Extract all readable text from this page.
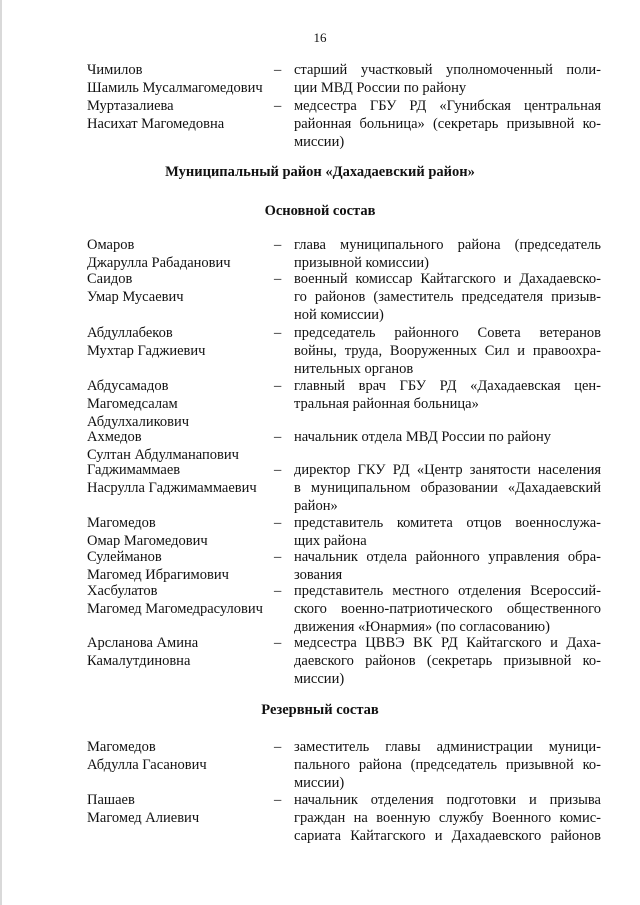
16
Чимилов
Шамиль Мусалмагомедович
– старший участковый уполномоченный поли-
ции МВД России по району
Муртазалиева
Насихат Магомедовна
– медсестра ГБУ РД «Гунибская центральная
районная больница» (секретарь призывной ко-
миссии)
Муниципальный район «Дахадаевский район»
Основной состав
Омаров
Джарулла Рабаданович
– глава муниципального района (председатель
призывной комиссии)
Саидов
Умар Мусаевич
– военный комиссар Кайтагского и Дахадаевско-
го районов (заместитель председателя призыв-
ной комиссии)
Абдуллабеков
Мухтар Гаджиевич
– председатель районного Совета ветеранов
войны, труда, Вооруженных Сил и правоохра-
нительных органов
Абдусамадов
Магомедсалам Абдулхаликович
– главный врач ГБУ РД «Дахадаевская цен-
тральная районная больница»
Ахмедов
Султан Абдулманапович
– начальник отдела МВД России по району
Гаджимаммаев
Насрулла Гаджимаммаевич
– директор ГКУ РД «Центр занятости населения
в муниципальном образовании «Дахадаевский
район»
Магомедов
Омар Магомедович
– представитель комитета отцов военнослужа-
щих района
Сулейманов
Магомед Ибрагимович
– начальник отдела районного управления обра-
зования
Хасбулатов
Магомед Магомедрасулович
– представитель местного отделения Всероссий-
ского военно-патриотического общественного
движения «Юнармия» (по согласованию)
Арсланова Амина
Камалутдиновна
– медсестра ЦВВЭ ВК РД Кайтагского и Даха-
даевского районов (секретарь призывной ко-
миссии)
Резервный состав
Магомедов
Абдулла Гасанович
– заместитель главы администрации муници-
пального района (председатель призывной ко-
миссии)
Пашаев
Магомед Алиевич
– начальник отделения подготовки и призыва
граждан на военную службу Военного комис-
сариата Кайтагского и Дахадаевского районов
